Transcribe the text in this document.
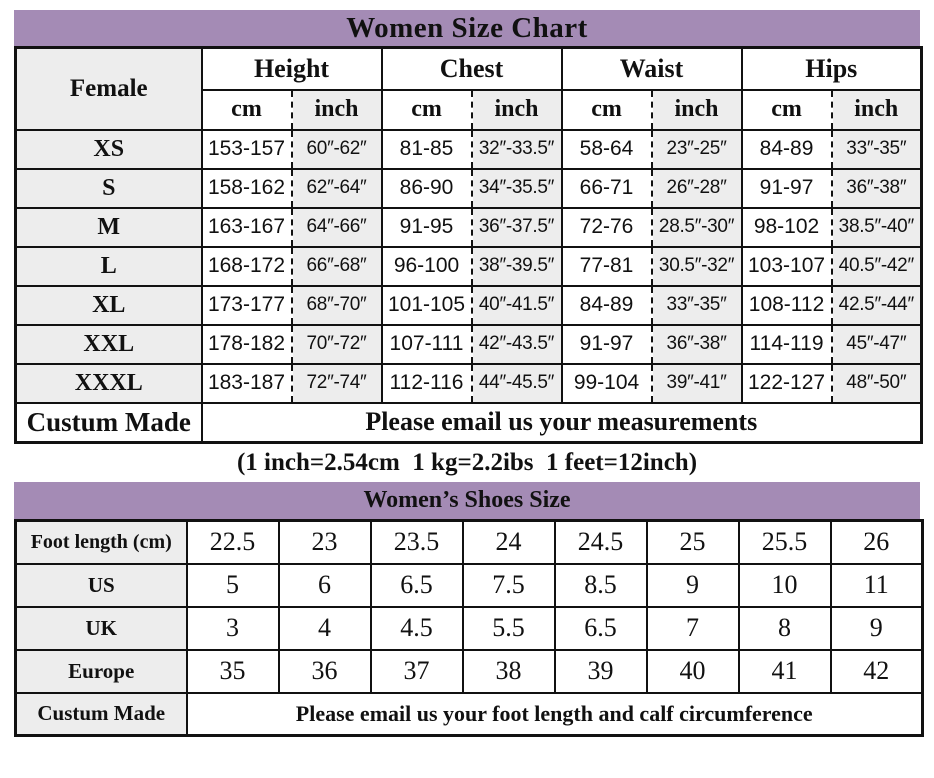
Women Size Chart
Female	Height		Chest		Waist		Hips	
	cm	inch	cm	inch	cm	inch	cm	inch
XS	153-157	60″-62″	81-85	32″-33.5″	58-64	23″-25″	84-89	33″-35″
S	158-162	62″-64″	86-90	34″-35.5″	66-71	26″-28″	91-97	36″-38″
M	163-167	64″-66″	91-95	36″-37.5″	72-76	28.5″-30″	98-102	38.5″-40″
L	168-172	66″-68″	96-100	38″-39.5″	77-81	30.5″-32″	103-107	40.5″-42″
XL	173-177	68″-70″	101-105	40″-41.5″	84-89	33″-35″	108-112	42.5″-44″
XXL	178-182	70″-72″	107-111	42″-43.5″	91-97	36″-38″	114-119	45″-47″
XXXL	183-187	72″-74″	112-116	44″-45.5″	99-104	39″-41″	122-127	48″-50″
Custum Made	Please email us your measurements							
(1 inch=2.54cm  1 kg=2.2ibs  1 feet=12inch)
Women’s Shoes Size
Foot length (cm)	22.5	23	23.5	24	24.5	25	25.5	26
US	5	6	6.5	7.5	8.5	9	10	11
UK	3	4	4.5	5.5	6.5	7	8	9
Europe	35	36	37	38	39	40	41	42
Custum Made	Please email us your foot length and calf circumference							
